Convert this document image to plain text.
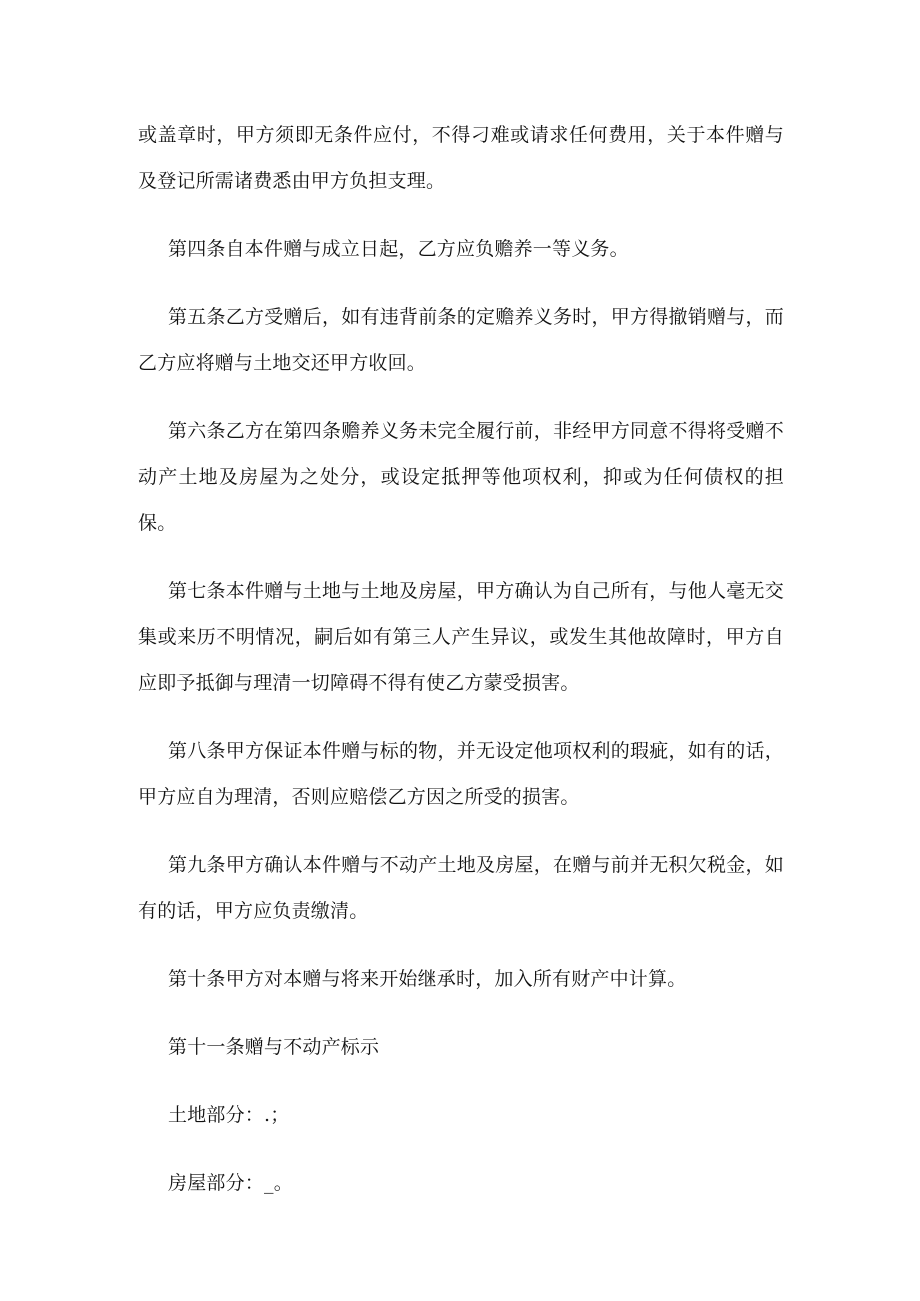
或盖章时，甲方须即无条件应付，不得刁难或请求任何费用，关于本件赠与及登记所需诸费悉由甲方负担支理。

第四条自本件赠与成立日起，乙方应负赡养一等义务。

第五条乙方受赠后，如有违背前条的定赡养义务时，甲方得撤销赠与，而乙方应将赠与土地交还甲方收回。

第六条乙方在第四条赡养义务未完全履行前，非经甲方同意不得将受赠不动产土地及房屋为之处分，或设定抵押等他项权利，抑或为任何债权的担保。

第七条本件赠与土地与土地及房屋，甲方确认为自己所有，与他人毫无交集或来历不明情况，嗣后如有第三人产生异议，或发生其他故障时，甲方自应即予抵御与理清一切障碍不得有使乙方蒙受损害。

第八条甲方保证本件赠与标的物，并无设定他项权利的瑕疵，如有的话，甲方应自为理清，否则应赔偿乙方因之所受的损害。

第九条甲方确认本件赠与不动产土地及房屋，在赠与前并无积欠税金，如有的话，甲方应负责缴清。

第十条甲方对本赠与将来开始继承时，加入所有财产中计算。

第十一条赠与不动产标示

土地部分：.；

房屋部分：_。
